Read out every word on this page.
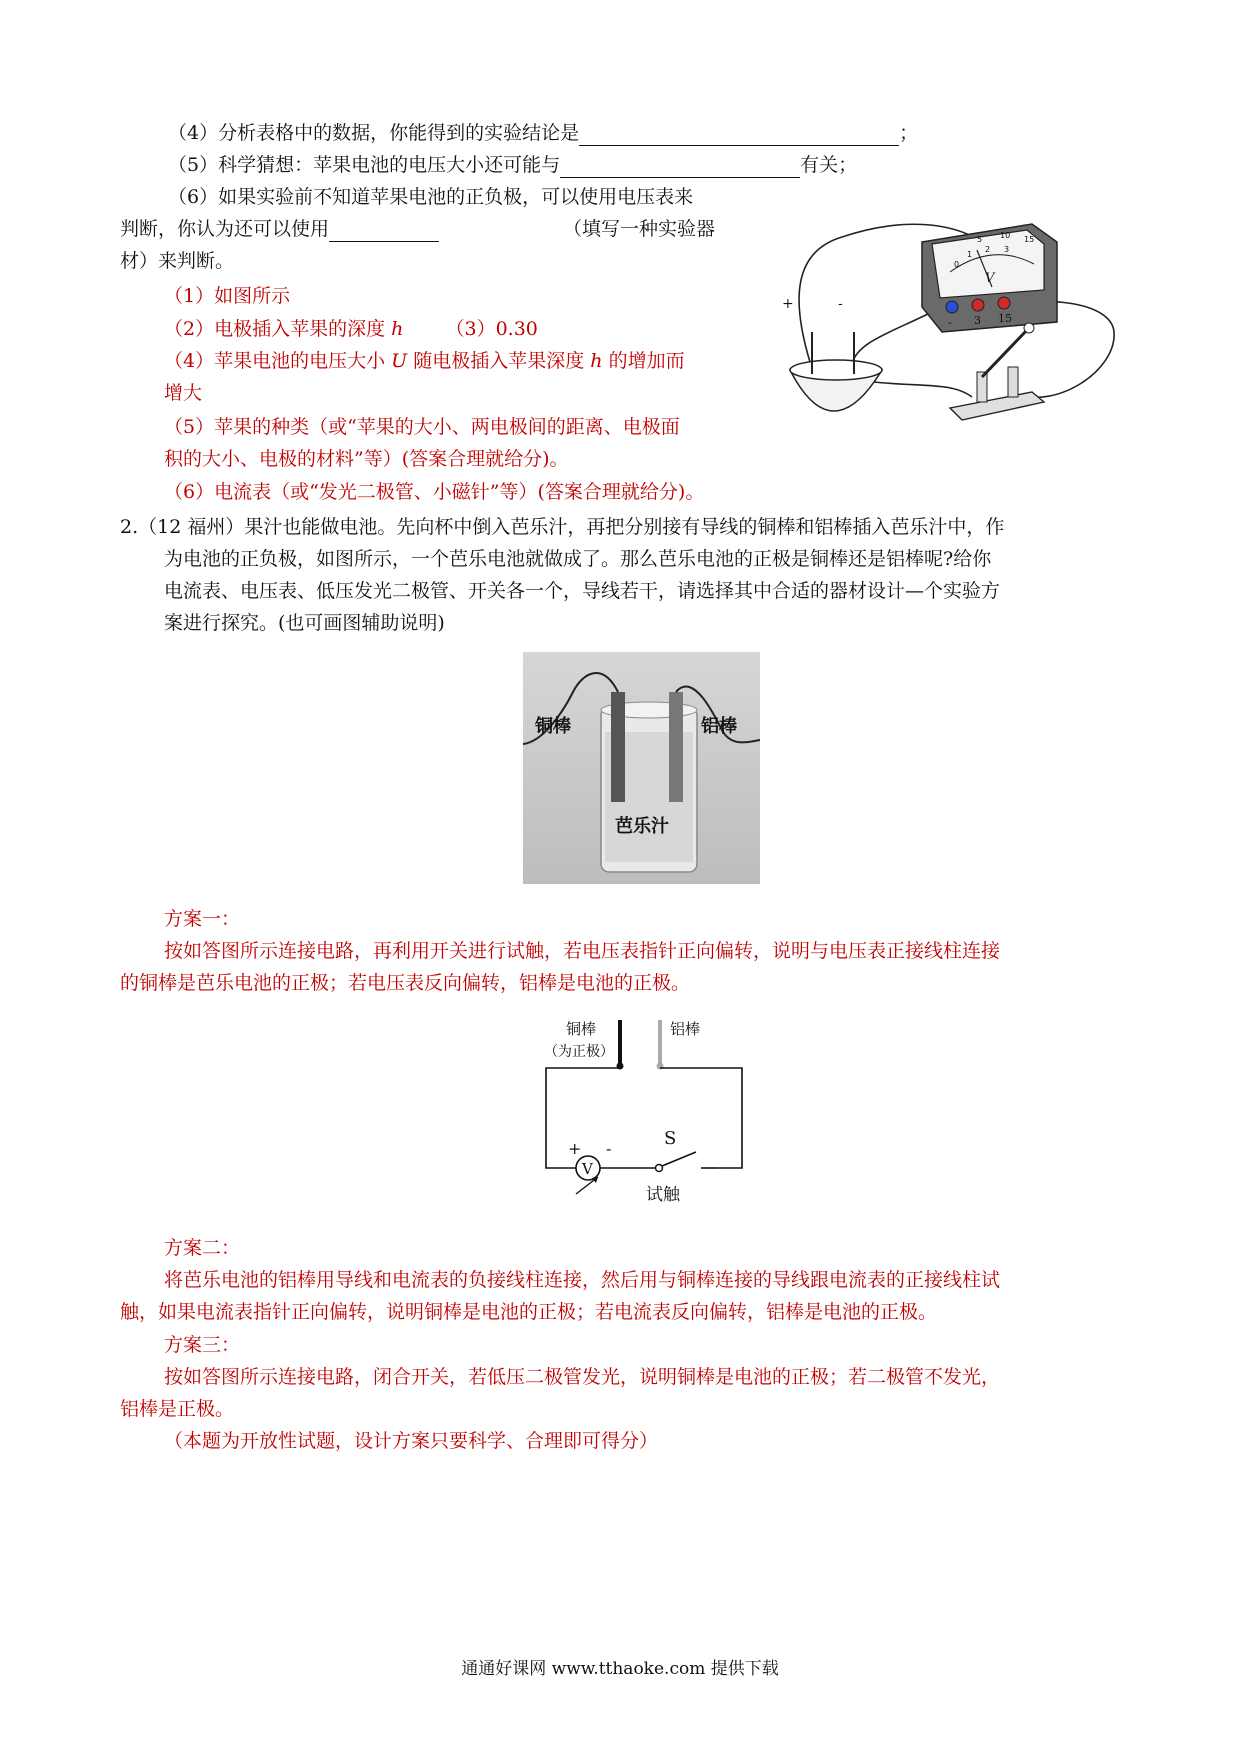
（4）分析表格中的数据，你能得到的实验结论是	；
（5）科学猜想：苹果电池的电压大小还可能与	有关；
（6）如果实验前不知道苹果电池的正负极，可以使用电压表来
判断，你认为还可以使用	（填写一种实验器
材）来判断。
（1）如图所示
（2）电极插入苹果的深度 h （3）0.30
（4）苹果电池的电压大小 U 随电极插入苹果深度 h 的增加而
增大
（5）苹果的种类（或“苹果的大小、两电极间的距离、电极面
积的大小、电极的材料”等）(答案合理就给分)。
（6）电流表（或“发光二极管、小磁针”等）(答案合理就给分)。
V
0
1
2 3
5 10 15
- 3 15
+	-
2.（12 福州）果汁也能做电池。先向杯中倒入芭乐汁，再把分别接有导线的铜棒和铝棒插入芭乐汁中，作
为电池的正负极，如图所示，一个芭乐电池就做成了。那么芭乐电池的正极是铜棒还是铝棒呢?给你
电流表、电压表、低压发光二极管、开关各一个，导线若干，请选择其中合适的器材设计—个实验方
案进行探究。(也可画图辅助说明)
铜棒	铝棒
芭乐汁
方案一：
按如答图所示连接电路，再利用开关进行试触，若电压表指针正向偏转，说明与电压表正接线柱连接
的铜棒是芭乐电池的正极；若电压表反向偏转，铝棒是电池的正极。
V
+ -	S
试触
铜棒
（为正极）
铝棒
方案二：
将芭乐电池的铝棒用导线和电流表的负接线柱连接，然后用与铜棒连接的导线跟电流表的正接线柱试
触，如果电流表指针正向偏转，说明铜棒是电池的正极；若电流表反向偏转，铝棒是电池的正极。
方案三：
按如答图所示连接电路，闭合开关，若低压二极管发光，说明铜棒是电池的正极；若二极管不发光，
铝棒是正极。
（本题为开放性试题，设计方案只要科学、合理即可得分）
通通好课网 www.tthaoke.com 提供下载
